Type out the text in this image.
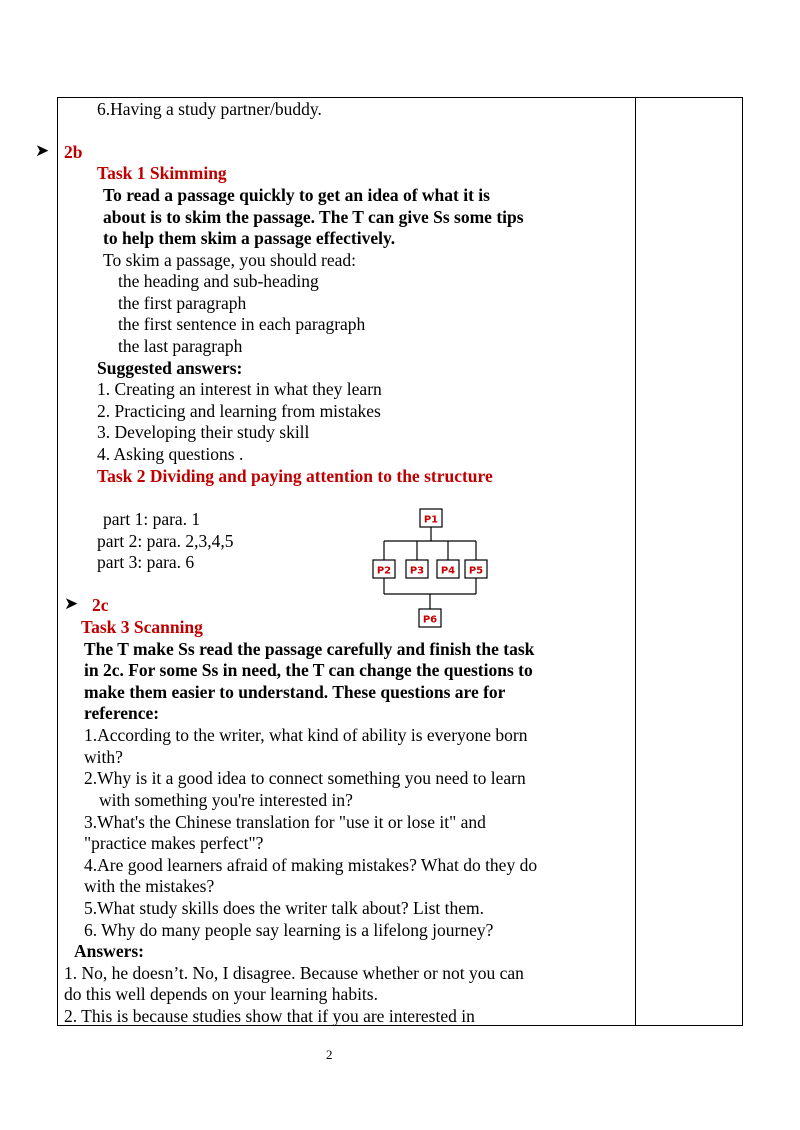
6.Having a study partner/buddy.
➤ 2b
Task 1 Skimming
To read a passage quickly to get an idea of what it is
about is to skim the passage. The T can give Ss some tips
to help them skim a passage effectively.
To skim a passage, you should read:
the heading and sub-heading
the first paragraph
the first sentence in each paragraph
the last paragraph
Suggested answers:
1. Creating an interest in what they learn
2. Practicing and learning from mistakes
3. Developing their study skill
4. Asking questions .
Task 2 Dividing and paying attention to the structure
part 1: para. 1
part 2: para. 2,3,4,5
part 3: para. 6
P1
P2 P3 P4 P5
P6
➤ 2c
Task 3 Scanning
The T make Ss read the passage carefully and finish the task
in 2c. For some Ss in need, the T can change the questions to
make them easier to understand. These questions are for
reference:
1.According to the writer, what kind of ability is everyone born
with?
2.Why is it a good idea to connect something you need to learn
with something you're interested in?
3.What's the Chinese translation for "use it or lose it" and
"practice makes perfect"?
4.Are good learners afraid of making mistakes? What do they do
with the mistakes?
5.What study skills does the writer talk about? List them.
6. Why do many people say learning is a lifelong journey?
Answers:
1. No, he doesn’t. No, I disagree. Because whether or not you can
do this well depends on your learning habits.
2. This is because studies show that if you are interested in
2
